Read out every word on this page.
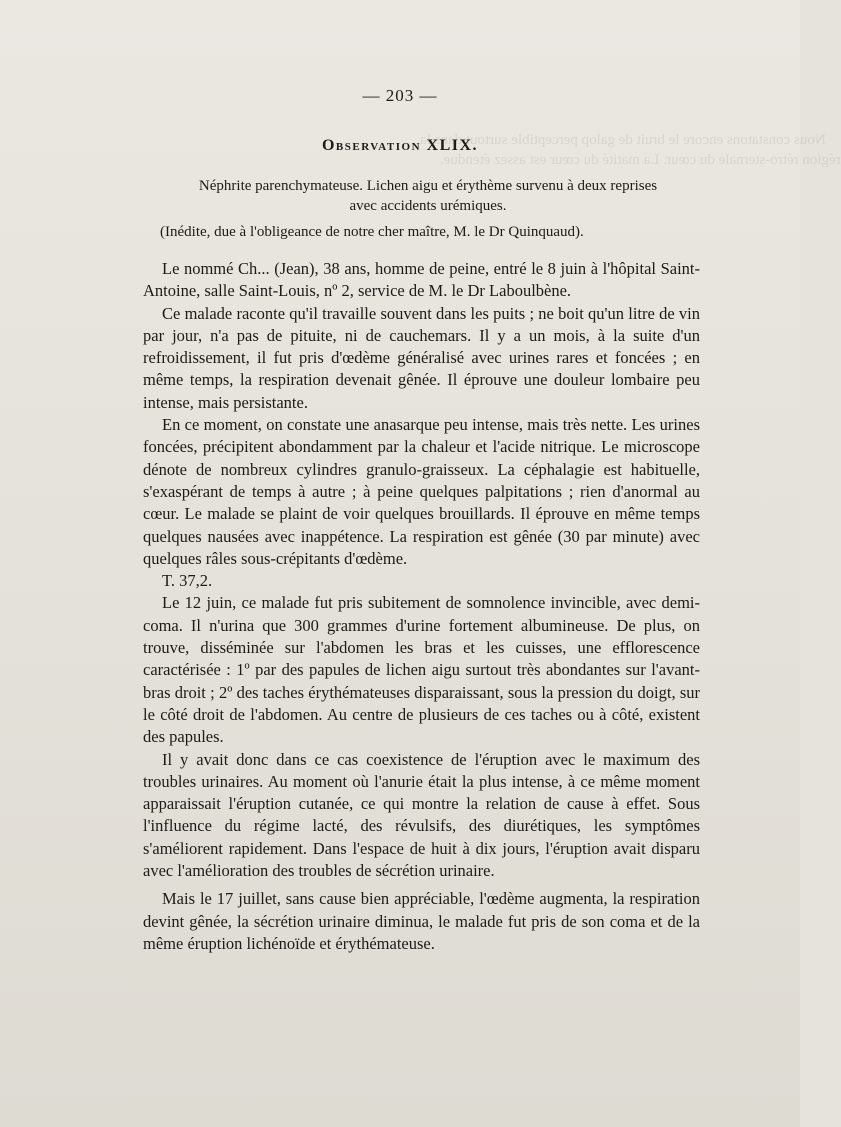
Nous constatons encore le bruit de galop perceptible surtout dans la
région rétro-sternale du cœur. La matité du cœur est assez étendue.
— 203 —
Observation XLIX.
Néphrite parenchymateuse. Lichen aigu et érythème survenu à deux reprises
avec accidents urémiques.
(Inédite, due à l'obligeance de notre cher maître, M. le Dr Quinquaud).

Le nommé Ch... (Jean), 38 ans, homme de peine, entré le 8 juin à l'hôpital Saint-Antoine, salle Saint-Louis, nº 2, service de M. le Dr Laboulbène.

Ce malade raconte qu'il travaille souvent dans les puits ; ne boit qu'un litre de vin par jour, n'a pas de pituite, ni de cauchemars. Il y a un mois, à la suite d'un refroidissement, il fut pris d'œdème généralisé avec urines rares et foncées ; en même temps, la respiration devenait gênée. Il éprouve une douleur lombaire peu intense, mais persistante.

En ce moment, on constate une anasarque peu intense, mais très nette. Les urines foncées, précipitent abondamment par la chaleur et l'acide nitrique. Le microscope dénote de nombreux cylindres granulo-graisseux. La céphalagie est habituelle, s'exaspérant de temps à autre ; à peine quelques palpitations ; rien d'anormal au cœur. Le malade se plaint de voir quelques brouillards. Il éprouve en même temps quelques nausées avec inappétence. La respiration est gênée (30 par minute) avec quelques râles sous-crépitants d'œdème.

T. 37,2.

Le 12 juin, ce malade fut pris subitement de somnolence invincible, avec demi-coma. Il n'urina que 300 grammes d'urine fortement albumineuse. De plus, on trouve, disséminée sur l'abdomen les bras et les cuisses, une efflorescence caractérisée : 1º par des papules de lichen aigu surtout très abondantes sur l'avant-bras droit ; 2º des taches érythémateuses disparaissant, sous la pression du doigt, sur le côté droit de l'abdomen. Au centre de plusieurs de ces taches ou à côté, existent des papules.

Il y avait donc dans ce cas coexistence de l'éruption avec le maximum des troubles urinaires. Au moment où l'anurie était la plus intense, à ce même moment apparaissait l'éruption cutanée, ce qui montre la relation de cause à effet. Sous l'influence du régime lacté, des révulsifs, des diurétiques, les symptômes s'améliorent rapidement. Dans l'espace de huit à dix jours, l'éruption avait disparu avec l'amélioration des troubles de sécrétion urinaire.

Mais le 17 juillet, sans cause bien appréciable, l'œdème augmenta, la respiration devint gênée, la sécrétion urinaire diminua, le malade fut pris de son coma et de la même éruption lichénoïde et érythémateuse.
